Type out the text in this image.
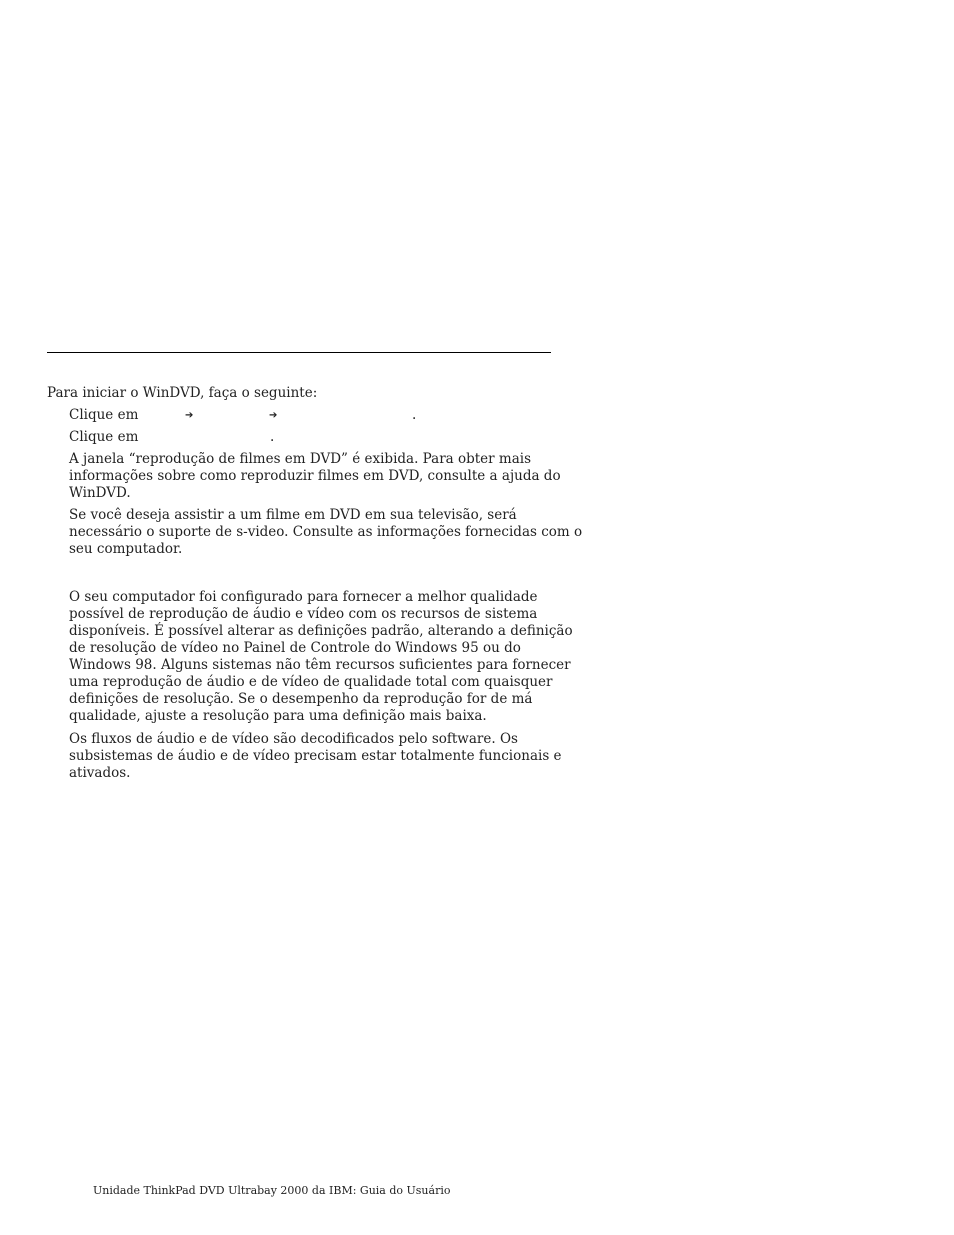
Para iniciar o WinDVD, faça o seguinte:
Clique em	➔	➔	.
Clique em	.
A janela “reprodução de filmes em DVD” é exibida. Para obter mais
informações sobre como reproduzir filmes em DVD, consulte a ajuda do
WinDVD.
Se você deseja assistir a um filme em DVD em sua televisão, será
necessário o suporte de s-video. Consulte as informações fornecidas com o
seu computador.
O seu computador foi configurado para fornecer a melhor qualidade
possível de reprodução de áudio e vídeo com os recursos de sistema
disponíveis. É possível alterar as definições padrão, alterando a definição
de resolução de vídeo no Painel de Controle do Windows 95 ou do
Windows 98. Alguns sistemas não têm recursos suficientes para fornecer
uma reprodução de áudio e de vídeo de qualidade total com quaisquer
definições de resolução. Se o desempenho da reprodução for de má
qualidade, ajuste a resolução para uma definição mais baixa.
Os fluxos de áudio e de vídeo são decodificados pelo software. Os
subsistemas de áudio e de vídeo precisam estar totalmente funcionais e
ativados.
Unidade ThinkPad DVD Ultrabay 2000 da IBM: Guia do Usuário
